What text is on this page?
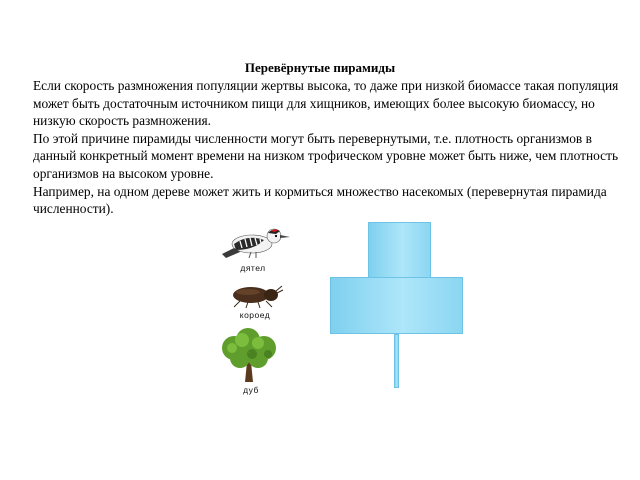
Перевёрнутые пирамиды

Если скорость размножения популяции жертвы высока, то даже при низкой биомассе такая популяция может быть достаточным источником пищи для хищников, имеющих более высокую биомассу, но низкую скорость размножения.

По этой причине пирамиды численности могут быть перевернутыми, т.е. плотность организмов в данный конкретный момент времени на низком трофическом уровне может быть ниже, чем плотность организмов на высоком уровне.

Например, на одном дереве может жить и кормиться множество насекомых (перевернутая пирамида численности).

дятел
короед
дуб
